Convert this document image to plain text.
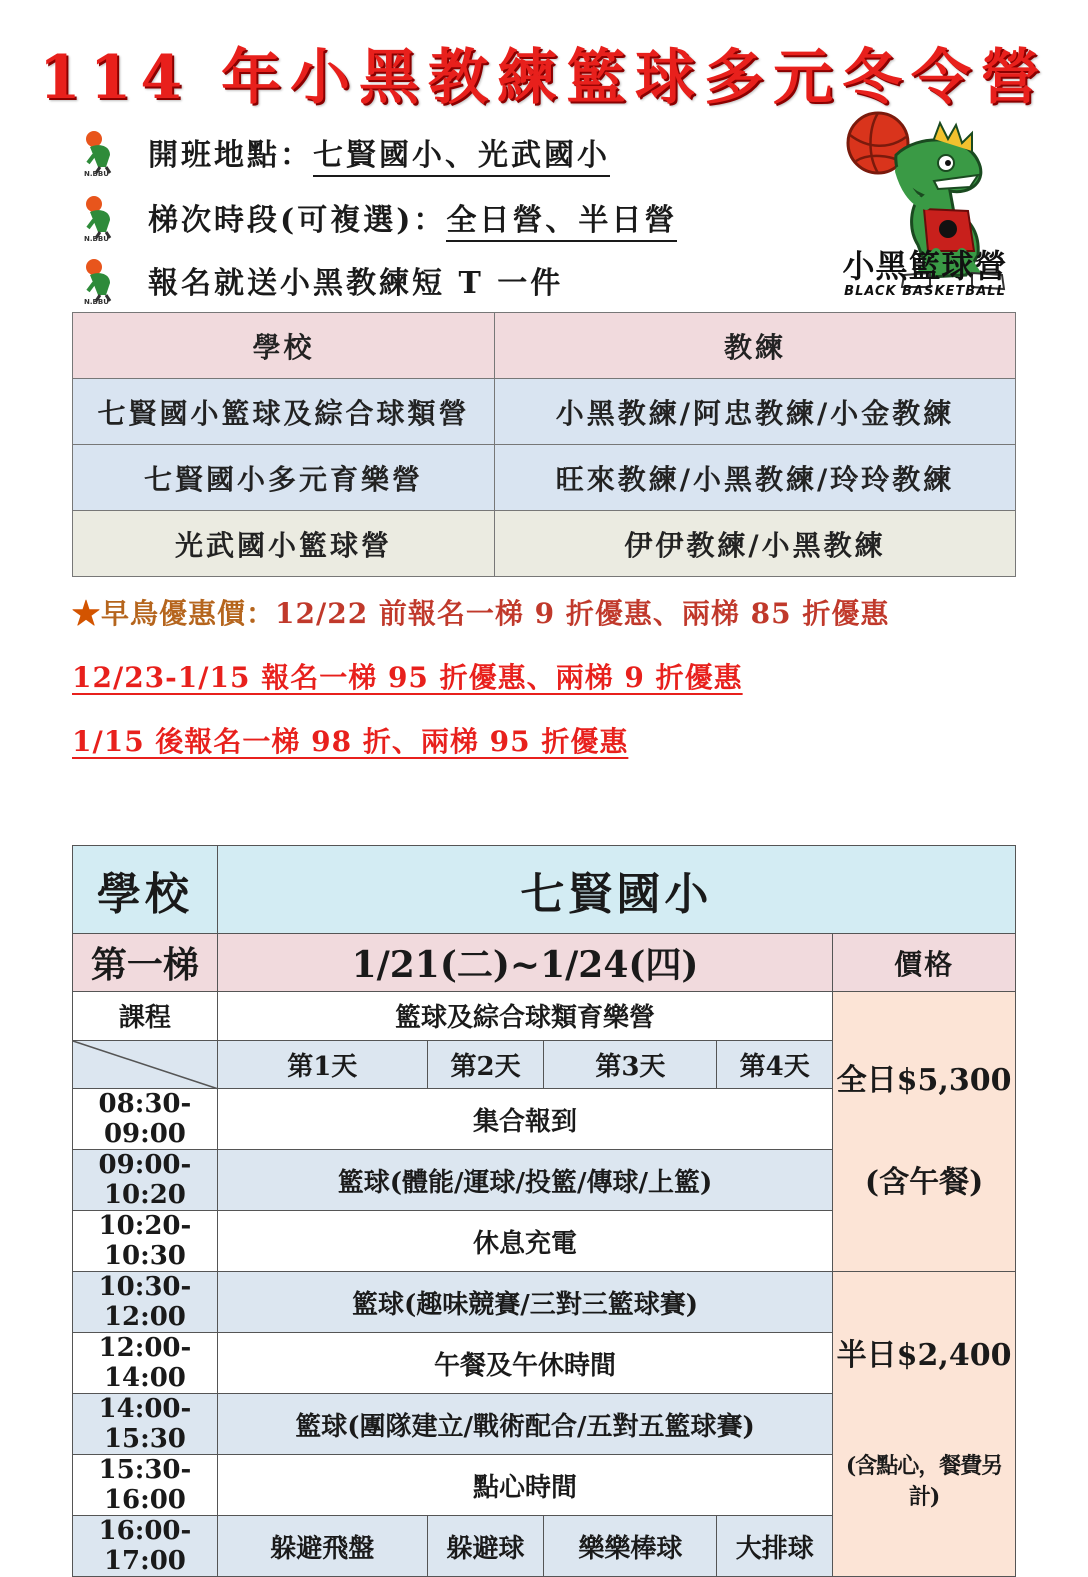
114 年小黑教練籃球多元冬令營
N.BBU
開班地點：七賢國小、光武國小
N.BBU
梯次時段(可複選)：全日營、半日營
N.BBU
報名就送小黑教練短 T 一件	小黑籃球營
BLACK BASKETBALL
學校	教練
七賢國小籃球及綜合球類營	小黑教練/阿忠教練/小金教練
七賢國小多元育樂營	旺來教練/小黑教練/玲玲教練
光武國小籃球營	伊伊教練/小黑教練
★早鳥優惠價：12/22 前報名一梯 9 折優惠、兩梯 85 折優惠
12/23-1/15 報名一梯 95 折優惠、兩梯 9 折優惠
1/15 後報名一梯 98 折、兩梯 95 折優惠
學校	七賢國小				
第一梯	1/21(二)~1/24(四)				價格
課程	籃球及綜合球類育樂營				全日$5,300
(含午餐)

	第1天	第2天	第3天	第4天	
08:30-09:00	集合報到				
09:00-10:20	籃球(體能/運球/投籃/傳球/上籃)				
10:20-10:30	休息充電				
10:30-12:00	籃球(趣味競賽/三對三籃球賽)				半日$2,400
(含點心，餐費另計)

12:00-14:00	午餐及午休時間				
14:00-15:30	籃球(團隊建立/戰術配合/五對五籃球賽)				
15:30-16:00	點心時間				
16:00-17:00	躲避飛盤	躲避球	樂樂棒球	大排球	
